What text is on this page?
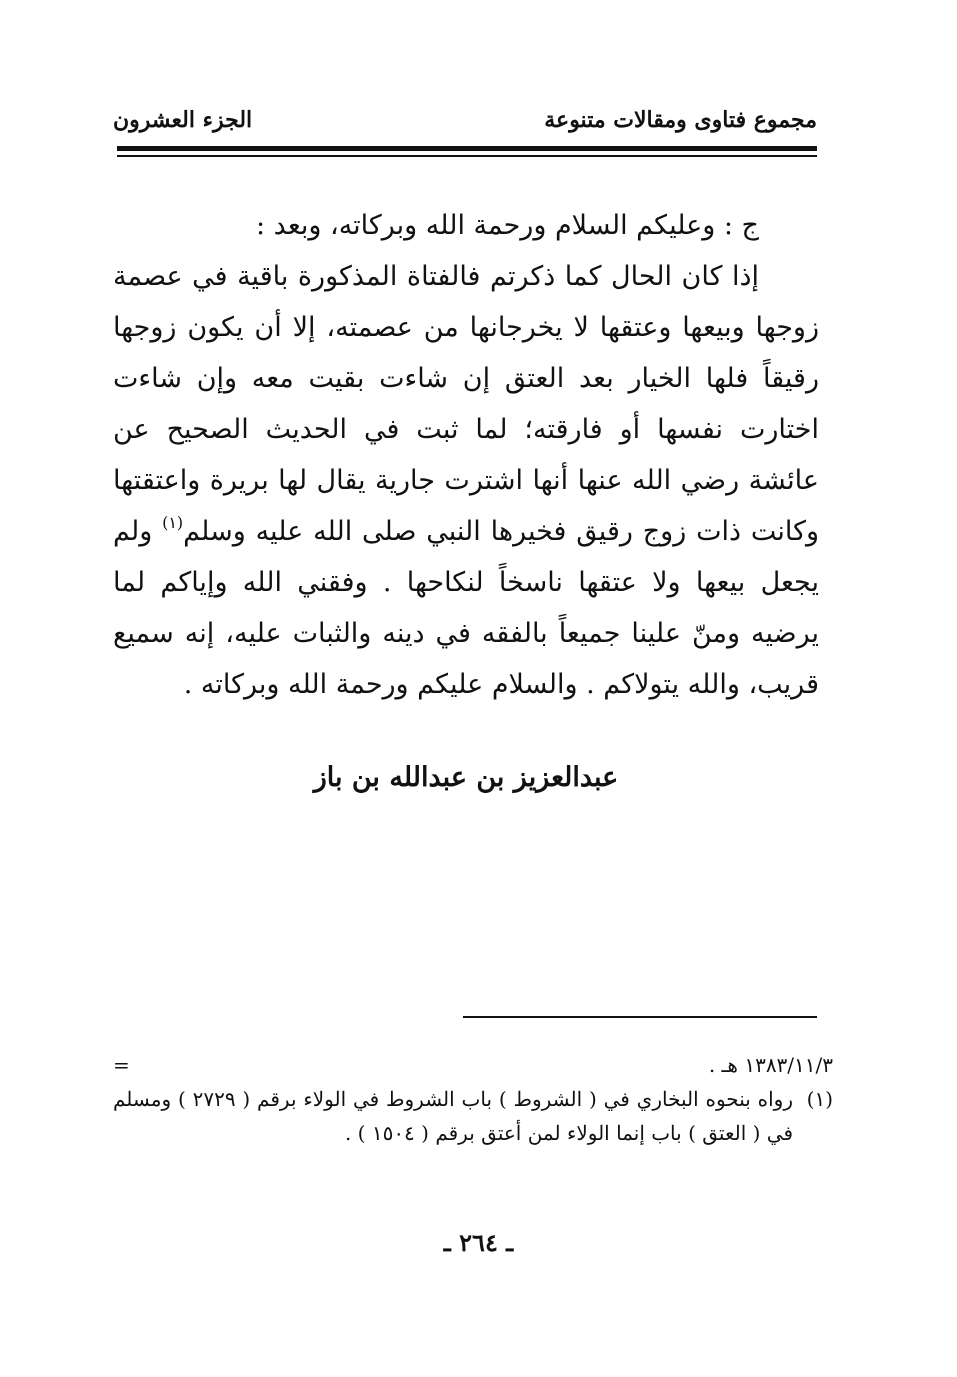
مجموع فتاوى ومقالات متنوعة
الجزء العشرون

ج : وعليكم السلام ورحمة الله وبركاته، وبعد :

إذا كان الحال كما ذكرتم فالفتاة المذكورة باقية في عصمة زوجها وبيعها وعتقها لا يخرجانها من عصمته، إلا أن يكون زوجها رقيقاً فلها الخيار بعد العتق إن شاءت بقيت معه وإن شاءت اختارت نفسها أو فارقته؛ لما ثبت في الحديث الصحيح عن عائشة رضي الله عنها أنها اشترت جارية يقال لها بريرة واعتقتها وكانت ذات زوج رقيق فخيرها النبي صلى الله عليه وسلم$^{(١)}$ ولم يجعل بيعها ولا عتقها ناسخاً لنكاحها . وفقني الله وإياكم لما يرضيه ومنّ علينا جميعاً بالفقه في دينه والثبات عليه، إنه سميع قريب، والله يتولاكم . والسلام عليكم ورحمة الله وبركاته .

عبدالعزيز بن عبدالله بن باز
١٣٨٣/١١/٣ هـ .
=
(١)
رواه بنحوه البخاري في ( الشروط ) باب الشروط في الولاء برقم ( ٢٧٢٩ ) ومسلم في ( العتق ) باب إنما الولاء لمن أعتق برقم ( ١٥٠٤ ) .
ـ ٢٦٤ ـ
